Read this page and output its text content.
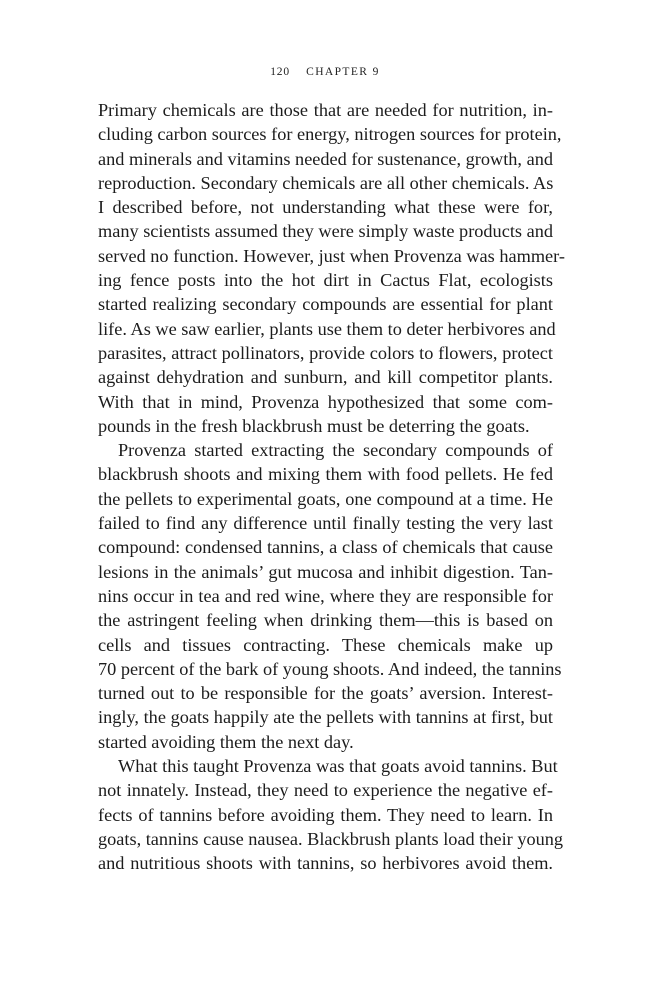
120 CHAPTER 9
Primary chemicals are those that are needed for nutrition, in-
cluding carbon sources for energy, nitrogen sources for protein,
and minerals and vitamins needed for sustenance, growth, and
reproduction. Secondary chemicals are all other chemicals. As
I described before, not understanding what these were for,
many scientists assumed they were simply waste products and
served no function. However, just when Provenza was hammer-
ing fence posts into the hot dirt in Cactus Flat, ecologists
started realizing secondary compounds are essential for plant
life. As we saw earlier, plants use them to deter herbivores and
parasites, attract pollinators, provide colors to flowers, protect
against dehydration and sunburn, and kill competitor plants.
With that in mind, Provenza hypothesized that some com-
pounds in the fresh blackbrush must be deterring the goats.
Provenza started extracting the secondary compounds of
blackbrush shoots and mixing them with food pellets. He fed
the pellets to experimental goats, one compound at a time. He
failed to find any difference until finally testing the very last
compound: condensed tannins, a class of chemicals that cause
lesions in the animals’ gut mucosa and inhibit digestion. Tan-
nins occur in tea and red wine, where they are responsible for
the astringent feeling when drinking them—this is based on
cells and tissues contracting. These chemicals make up
70 percent of the bark of young shoots. And indeed, the tannins
turned out to be responsible for the goats’ aversion. Interest-
ingly, the goats happily ate the pellets with tannins at first, but
started avoiding them the next day.
What this taught Provenza was that goats avoid tannins. But
not innately. Instead, they need to experience the negative ef-
fects of tannins before avoiding them. They need to learn. In
goats, tannins cause nausea. Blackbrush plants load their young
and nutritious shoots with tannins, so herbivores avoid them.
